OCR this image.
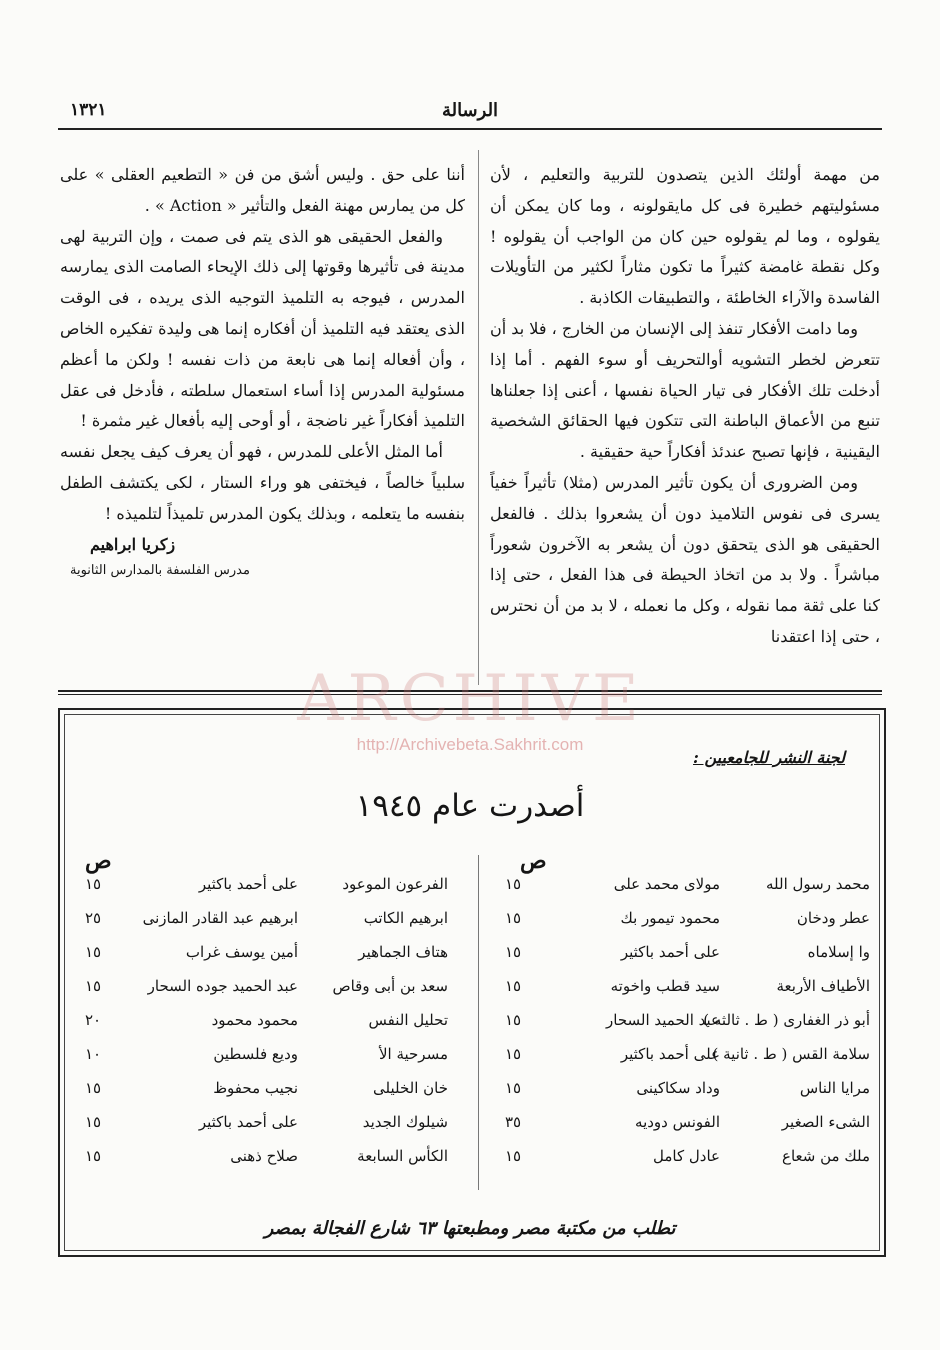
الرسالة
١٣٢١

من مهمة أولئك الذين يتصدون للتربية والتعليم ، لأن مسئوليتهم خطيرة فى كل مايقولونه ، وما كان يمكن أن يقولوه ، وما لم يقولوه حين كان من الواجب أن يقولوه ! وكل نقطة غامضة كثيراً ما تكون مثاراً لكثير من التأويلات الفاسدة والآراء الخاطئة ، والتطبيقات الكاذبة .

وما دامت الأفكار تنفذ إلى الإنسان من الخارج ، فلا بد أن تتعرض لخطر التشويه أوالتحريف أو سوء الفهم . أما إذا أدخلت تلك الأفكار فى تيار الحياة نفسها ، أعنى إذا جعلناها تنبع من الأعماق الباطنة التى تتكون فيها الحقائق الشخصية اليقينية ، فإنها تصبح عندئذ أفكاراً حية حقيقية .

ومن الضرورى أن يكون تأثير المدرس (مثلا) تأثيراً خفياً يسرى فى نفوس التلاميذ دون أن يشعروا بذلك . فالفعل الحقيقى هو الذى يتحقق دون أن يشعر به الآخرون شعوراً مباشراً . ولا بد من اتخاذ الحيطة فى هذا الفعل ، حتى إذا كنا على ثقة مما نقوله ، وكل ما نعمله ، لا بد من أن نحترس ، حتى إذا اعتقدنا

أننا على حق . وليس أشق من فن « التطعيم العقلى » على كل من يمارس مهنة الفعل والتأثير « Action » .

والفعل الحقيقى هو الذى يتم فى صمت ، وإن التربية لهى مدينة فى تأثيرها وقوتها إلى ذلك الإيحاء الصامت الذى يمارسه المدرس ، فيوجه به التلميذ التوجيه الذى يريده ، فى الوقت الذى يعتقد فيه التلميذ أن أفكاره إنما هى وليدة تفكيره الخاص ، وأن أفعاله إنما هى نابعة من ذات نفسه ! ولكن ما أعظم مسئولية المدرس إذا أساء استعمال سلطته ، فأدخل فى عقل التلميذ أفكاراً غير ناضجة ، أو أوحى إليه بأفعال غير مثمرة !

أما المثل الأعلى للمدرس ، فهو أن يعرف كيف يجعل نفسه سلبياً خالصاً ، فيختفى هو وراء الستار ، لكى يكتشف الطفل بنفسه ما يتعلمه ، وبذلك يكون المدرس تلميذاً لتلميذه !

زكريا ابراهيم
مدرس الفلسفة بالمدارس الثانوية
لجنة النشر للجامعيين :
أصدرت عام ١٩٤٥
ص
ص
محمد رسول الله
مولاى محمد على
١٥
عطر ودخان
محمود تيمور بك
١٥
وا إسلاماه
على أحمد باكثير
١٥
الأطياف الأربعة
سيد قطب واخوته
١٥
أبو ذر الغفارى ( ط . ثالثه )
عبد الحميد السحار
١٥
سلامة القس ( ط . ثانية )
على أحمد باكثير
١٥
مرايا الناس
وداد سكاكينى
١٥
الشىء الصغير
الفونس دوديه
٣٥
ملك من شعاع
عادل كامل
١٥
الفرعون الموعود
على أحمد باكثير
١٥
ابرهيم الكاتب
ابرهيم عبد القادر المازنى
٢٥
هتاف الجماهير
أمين يوسف غراب
١٥
سعد بن أبى وقاص
عبد الحميد جوده السحار
١٥
تحليل النفس
محمود محمود
٢٠
مسرحية الأ
وديع فلسطين
١٠
خان الخليلى
نجيب محفوظ
١٥
شيلوك الجديد
على أحمد باكثير
١٥
الكأس السابعة
صلاح ذهنى
١٥
تطلب من مكتبة مصر ومطبعتها ٦٣ شارع الفجالة بمصر
ARCHIVE
http://Archivebeta.Sakhrit.com
